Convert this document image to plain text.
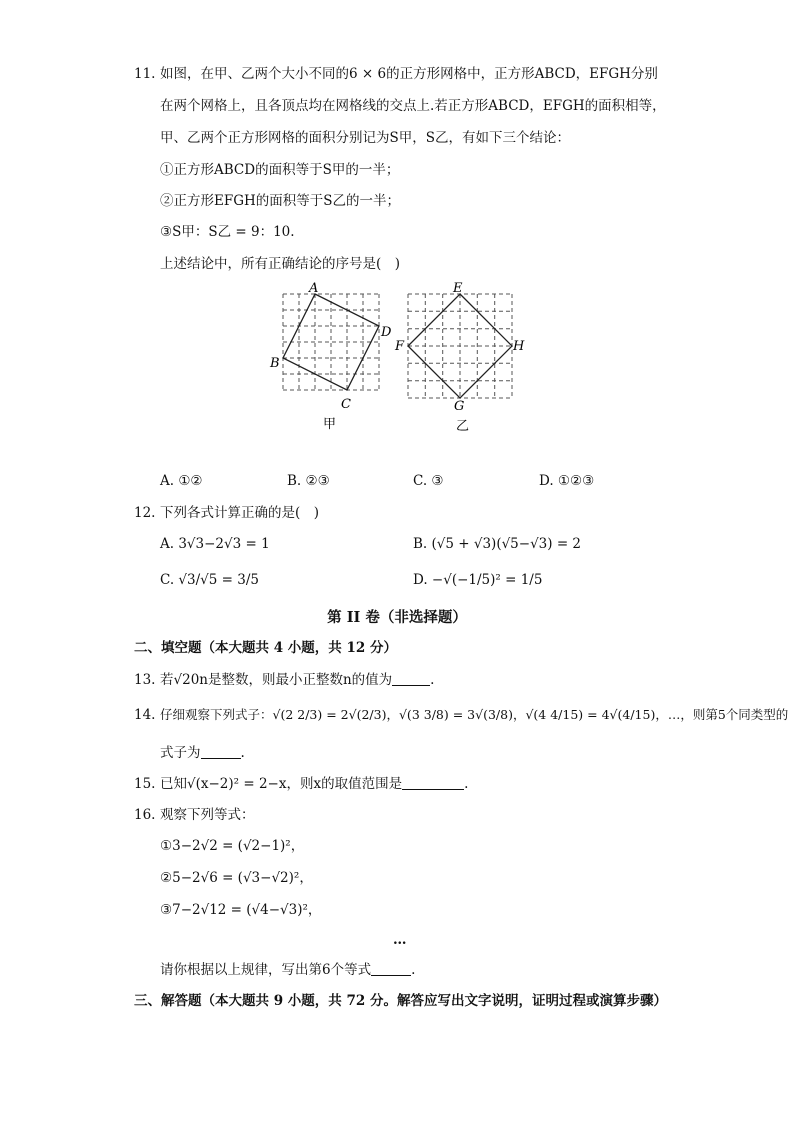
11. 如图，在甲、乙两个大小不同的6 × 6的正方形网格中，正方形ABCD，EFGH分别
在两个网格上，且各顶点均在网格线的交点上.若正方形ABCD，EFGH的面积相等，
甲、乙两个正方形网格的面积分别记为S甲，S乙，有如下三个结论：
①正方形ABCD的面积等于S甲的一半；
②正方形EFGH的面积等于S乙的一半；
③S甲：S乙 = 9：10.
上述结论中，所有正确结论的序号是(　)
A
B
C
D
E
F
G
H
甲	乙
A. ①②	B. ②③	C. ③	D. ①②③
12. 下列各式计算正确的是(　)
A. 3√3−2√3 = 1	B. (√5 + √3)(√5−√3) = 2
C. √3/√5 = 3/5	D. −√(−1/5)² = 1/5
第 II 卷（非选择题）
二、填空题（本大题共 4 小题，共 12 分）
13. 若√20n是整数，则最小正整数n的值为	.
14. 仔细观察下列式子：√(2 2/3) = 2√(2/3)，√(3 3/8) = 3√(3/8)，√(4 4/15) = 4√(4/15)，…，则第5个同类型的
式子为	.
15. 已知√(x−2)² = 2−x，则x的取值范围是	.
16. 观察下列等式：
①3−2√2 = (√2−1)²，
②5−2√6 = (√3−√2)²，
③7−2√12 = (√4−√3)²，
…
请你根据以上规律，写出第6个等式	.
三、解答题（本大题共 9 小题，共 72 分。解答应写出文字说明，证明过程或演算步骤）
